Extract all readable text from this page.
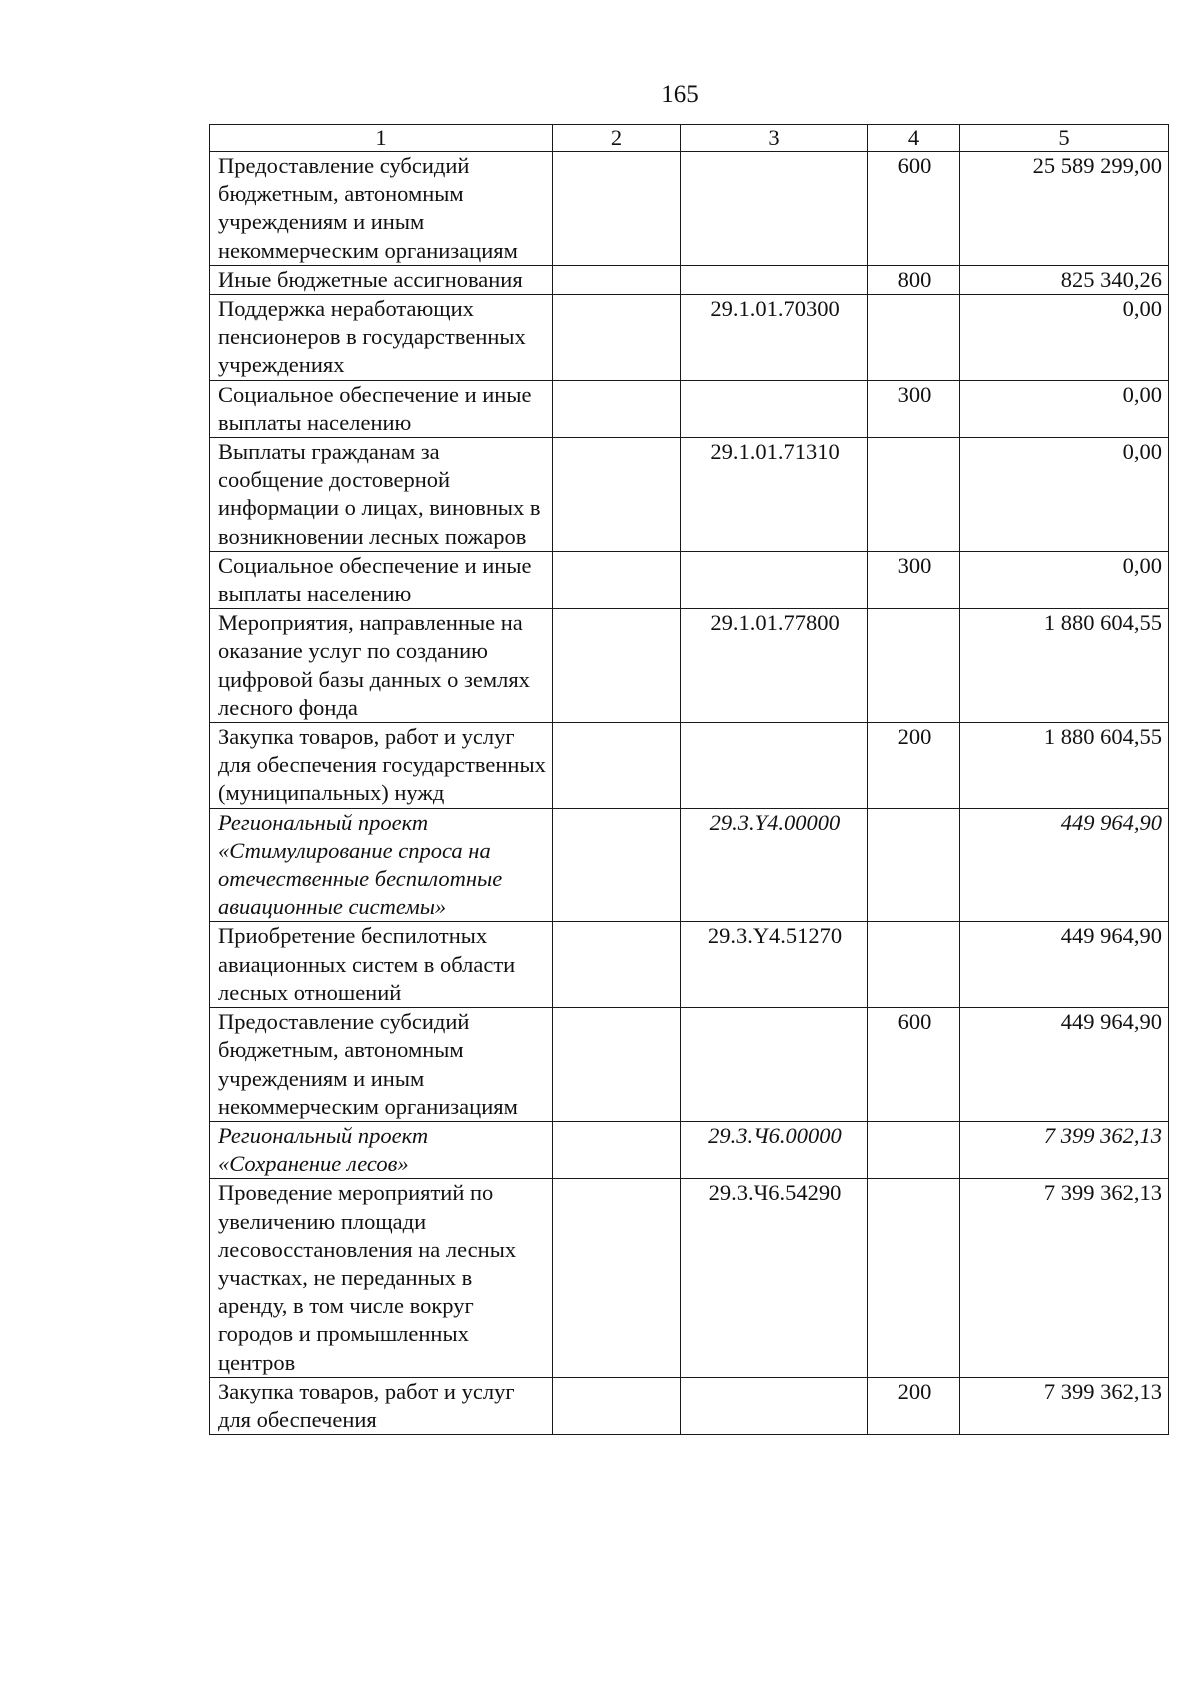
165
1	2	3	4	5
Предоставление субсидий бюджетным, автономным учреждениям и иным некоммерческим организациям			600	25 589 299,00
Иные бюджетные ассигнования			800	825 340,26
Поддержка неработающих пенсионеров в государственных учреждениях		29.1.01.70300		0,00
Социальное обеспечение и иные выплаты населению			300	0,00
Выплаты гражданам за сообщение достоверной информации о лицах, виновных в возникновении лесных пожаров		29.1.01.71310		0,00
Социальное обеспечение и иные выплаты населению			300	0,00
Мероприятия, направленные на оказание услуг по созданию цифровой базы данных о землях лесного фонда		29.1.01.77800		1 880 604,55
Закупка товаров, работ и услуг для обеспечения государственных (муниципальных) нужд			200	1 880 604,55
Региональный проект «Стимулирование спроса на отечественные беспилотные авиационные системы»		29.3.Y4.00000		449 964,90
Приобретение беспилотных авиационных систем в области лесных отношений		29.3.Y4.51270		449 964,90
Предоставление субсидий бюджетным, автономным учреждениям и иным некоммерческим организациям			600	449 964,90
Региональный проект «Сохранение лесов»		29.3.Ч6.00000		7 399 362,13
Проведение мероприятий по увеличению площади лесовосстановления на лесных участках, не переданных в аренду, в том числе вокруг городов и промышленных центров		29.3.Ч6.54290		7 399 362,13
Закупка товаров, работ и услуг для обеспечения			200	7 399 362,13
